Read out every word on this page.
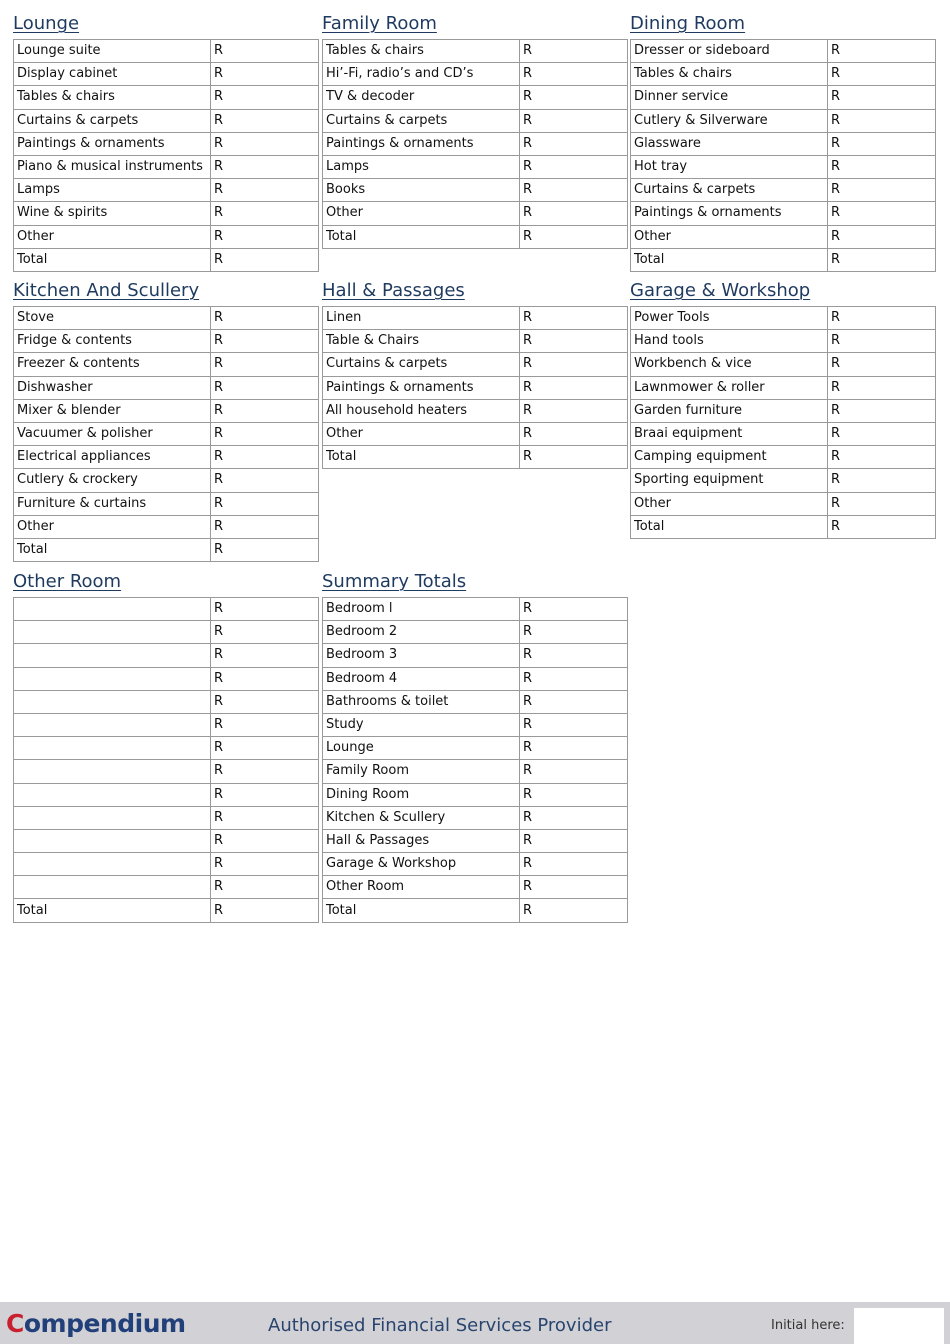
Lounge
Lounge suite	R
Display cabinet	R
Tables & chairs	R
Curtains & carpets	R
Paintings & ornaments	R
Piano & musical instruments	R
Lamps	R
Wine & spirits	R
Other	R
Total	R
Family Room
Tables & chairs	R
Hi’-Fi, radio’s and CD’s	R
TV & decoder	R
Curtains & carpets	R
Paintings & ornaments	R
Lamps	R
Books	R
Other	R
Total	R
Dining Room
Dresser or sideboard	R
Tables & chairs	R
Dinner service	R
Cutlery & Silverware	R
Glassware	R
Hot tray	R
Curtains & carpets	R
Paintings & ornaments	R
Other	R
Total	R
Kitchen And Scullery
Stove	R
Fridge & contents	R
Freezer & contents	R
Dishwasher	R
Mixer & blender	R
Vacuumer & polisher	R
Electrical appliances	R
Cutlery & crockery	R
Furniture & curtains	R
Other	R
Total	R
Hall & Passages
Linen	R
Table & Chairs	R
Curtains & carpets	R
Paintings & ornaments	R
All household heaters	R
Other	R
Total	R
Garage & Workshop
Power Tools	R
Hand tools	R
Workbench & vice	R
Lawnmower & roller	R
Garden furniture	R
Braai equipment	R
Camping equipment	R
Sporting equipment	R
Other	R
Total	R
Other Room
	R
	R
	R
	R
	R
	R
	R
	R
	R
	R
	R
	R
	R
Total	R
Summary Totals
Bedroom l	R
Bedroom 2	R
Bedroom 3	R
Bedroom 4	R
Bathrooms & toilet	R
Study	R
Lounge	R
Family Room	R
Dining Room	R
Kitchen & Scullery	R
Hall & Passages	R
Garage & Workshop	R
Other Room	R
Total	R
Compendium	Authorised Financial Services Provider	Initial here:
